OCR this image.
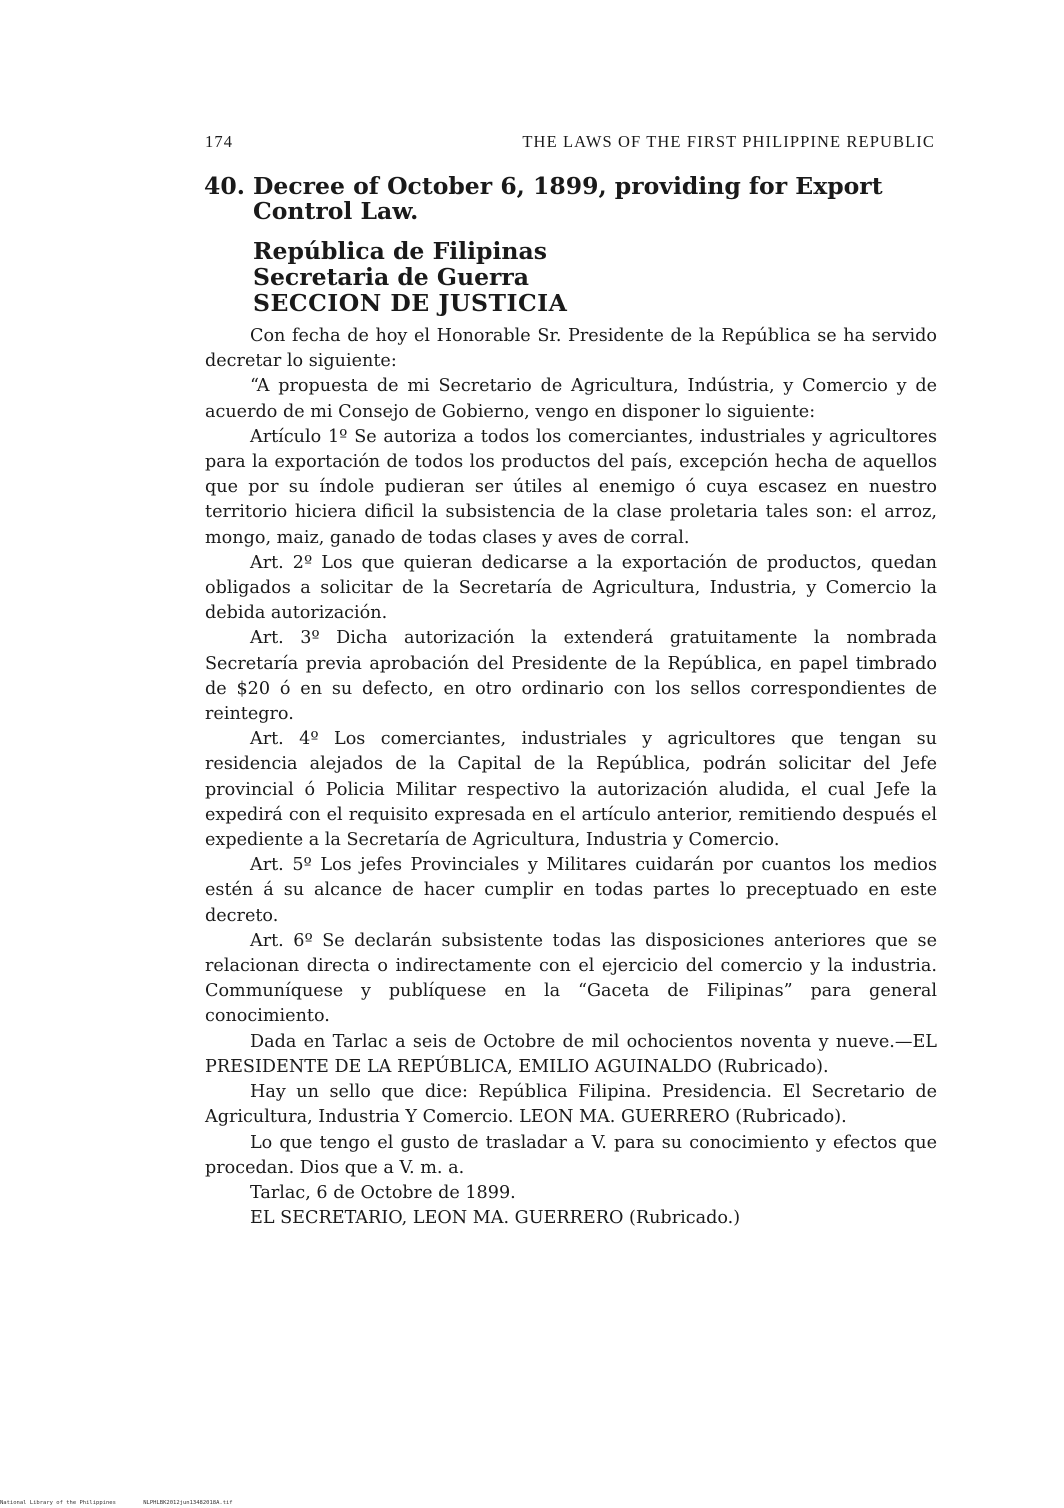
174	THE LAWS OF THE FIRST PHILIPPINE REPUBLIC
40. Decree of October 6, 1899, providing for Export Control Law.
República de Filipinas
Secretaria de Guerra
SECCION DE JUSTICIA

Con fecha de hoy el Honorable Sr. Presidente de la República se ha servido decretar lo siguiente:

“A propuesta de mi Secretario de Agricultura, Indústria, y Comercio y de acuerdo de mi Consejo de Gobierno, vengo en disponer lo siguiente:

Artículo 1º Se autoriza a todos los comerciantes, industriales y agricultores para la exportación de todos los productos del país, excepción hecha de aquellos que por su índole pudieran ser útiles al enemigo ó cuya escasez en nuestro territorio hiciera dificil la subsistencia de la clase proletaria tales son: el arroz, mongo, maiz, ganado de todas clases y aves de corral.

Art. 2º Los que quieran dedicarse a la exportación de productos, quedan obligados a solicitar de la Secretaría de Agricultura, Industria, y Comercio la debida autorización.

Art. 3º Dicha autorización la extenderá gratuitamente la nombrada Secretaría previa aprobación del Presidente de la República, en papel timbrado de $20 ó en su defecto, en otro ordinario con los sellos correspondientes de reintegro.

Art. 4º Los comerciantes, industriales y agricultores que tengan su residencia alejados de la Capital de la República, podrán solicitar del Jefe provincial ó Policia Militar respectivo la autorización aludida, el cual Jefe la expedirá con el requisito expresada en el artículo anterior, remitiendo después el expediente a la Secretaría de Agricultura, Industria y Comercio.

Art. 5º Los jefes Provinciales y Militares cuidarán por cuantos los medios estén á su alcance de hacer cumplir en todas partes lo preceptuado en este decreto.

Art. 6º Se declarán subsistente todas las disposiciones anteriores que se relacionan directa o indirectamente con el ejercicio del comercio y la industria. Communíquese y publíquese en la “Gaceta de Filipinas” para general conocimiento.

Dada en Tarlac a seis de Octobre de mil ochocientos noventa y nueve.—EL PRESIDENTE DE LA REPÚBLICA, EMILIO AGUINALDO (Rubricado).

Hay un sello que dice: República Filipina. Presidencia. El Secretario de Agricultura, Industria Y Comercio. LEON MA. GUERRERO (Rubricado).

Lo que tengo el gusto de trasladar a V. para su conocimiento y efectos que procedan. Dios que a V. m. a.

Tarlac, 6 de Octobre de 1899.

EL SECRETARIO, LEON MA. GUERRERO (Rubricado.)

National Library of the Philippines	NLPHLBK2012jun13482018A.tif
